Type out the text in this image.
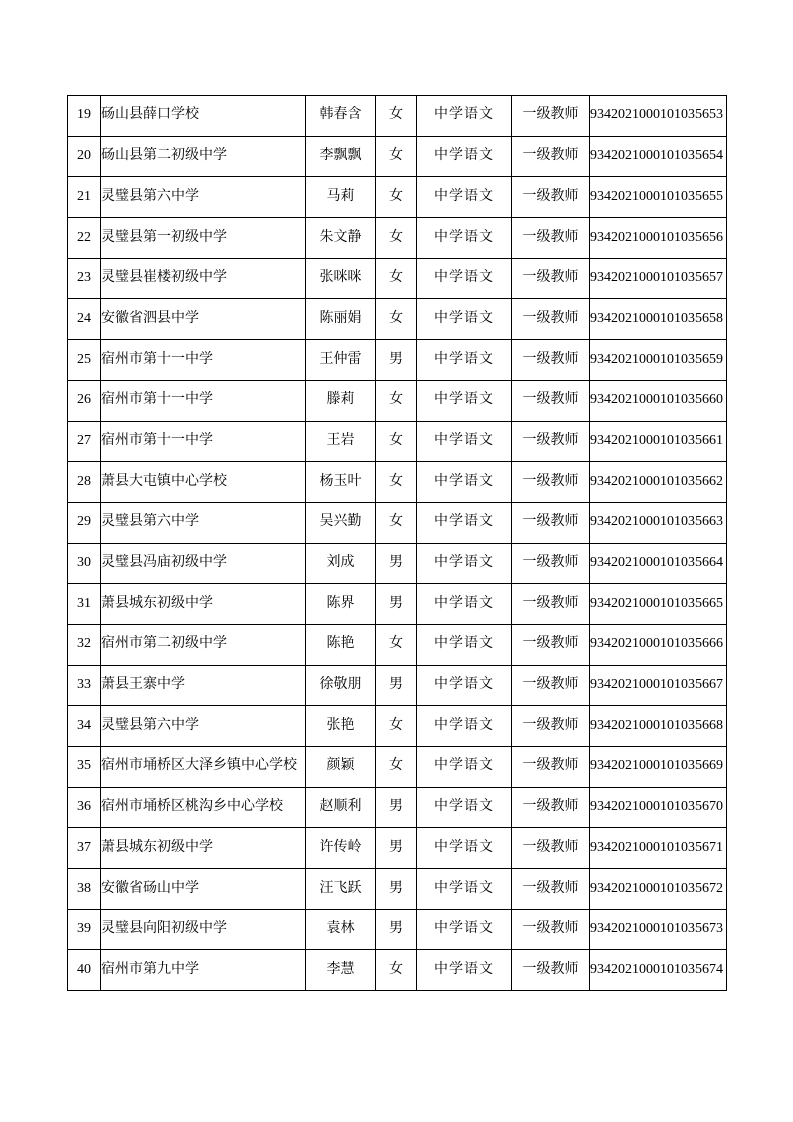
19	砀山县薛口学校	韩春含	女	中学语文	一级教师	9342021000101035653
20	砀山县第二初级中学	李飘飘	女	中学语文	一级教师	9342021000101035654
21	灵璧县第六中学	马莉	女	中学语文	一级教师	9342021000101035655
22	灵璧县第一初级中学	朱文静	女	中学语文	一级教师	9342021000101035656
23	灵璧县崔楼初级中学	张咪咪	女	中学语文	一级教师	9342021000101035657
24	安徽省泗县中学	陈丽娟	女	中学语文	一级教师	9342021000101035658
25	宿州市第十一中学	王仲雷	男	中学语文	一级教师	9342021000101035659
26	宿州市第十一中学	滕莉	女	中学语文	一级教师	9342021000101035660
27	宿州市第十一中学	王岩	女	中学语文	一级教师	9342021000101035661
28	萧县大屯镇中心学校	杨玉叶	女	中学语文	一级教师	9342021000101035662
29	灵璧县第六中学	吴兴勤	女	中学语文	一级教师	9342021000101035663
30	灵璧县冯庙初级中学	刘成	男	中学语文	一级教师	9342021000101035664
31	萧县城东初级中学	陈界	男	中学语文	一级教师	9342021000101035665
32	宿州市第二初级中学	陈艳	女	中学语文	一级教师	9342021000101035666
33	萧县王寨中学	徐敬朋	男	中学语文	一级教师	9342021000101035667
34	灵璧县第六中学	张艳	女	中学语文	一级教师	9342021000101035668
35	宿州市埇桥区大泽乡镇中心学校	颜颖	女	中学语文	一级教师	9342021000101035669
36	宿州市埇桥区桃沟乡中心学校	赵顺利	男	中学语文	一级教师	9342021000101035670
37	萧县城东初级中学	许传岭	男	中学语文	一级教师	9342021000101035671
38	安徽省砀山中学	汪飞跃	男	中学语文	一级教师	9342021000101035672
39	灵璧县向阳初级中学	袁林	男	中学语文	一级教师	9342021000101035673
40	宿州市第九中学	李慧	女	中学语文	一级教师	9342021000101035674
